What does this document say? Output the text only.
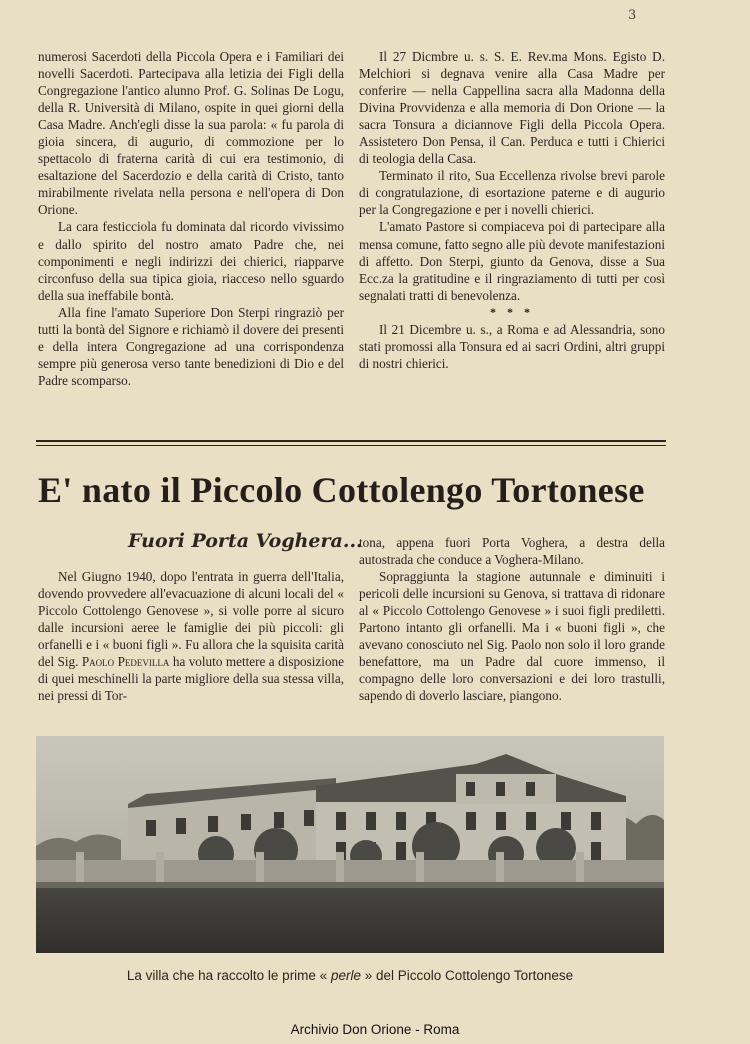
3

numerosi Sacerdoti della Piccola Opera e i Familiari dei novelli Sacerdoti. Partecipava alla letizia dei Figli della Congregazione l'antico alunno Prof. G. Solinas De Logu, della R. Università di Milano, ospite in quei giorni della Casa Madre. Anch'egli disse la sua parola: « fu parola di gioia sincera, di augurio, di commozione per lo spettacolo di fraterna carità di cui era testimonio, di esaltazione del Sacerdozio e della carità di Cristo, tanto mirabilmente rivelata nella persona e nell'opera di Don Orione.

La cara festicciola fu dominata dal ricordo vivissimo e dallo spirito del nostro amato Padre che, nei componimenti e negli indirizzi dei chierici, riapparve circonfuso della sua tipica gioia, riacceso nello sguardo della sua ineffabile bontà.

Alla fine l'amato Superiore Don Sterpi ringraziò per tutti la bontà del Signore e richiamò il dovere dei presenti e della intera Congregazione ad una corrispondenza sempre più generosa verso tante benedizioni di Dio e del Padre scomparso.

Il 27 Dicmbre u. s. S. E. Rev.ma Mons. Egisto D. Melchiori si degnava venire alla Casa Madre per conferire — nella Cappellina sacra alla Madonna della Divina Provvidenza e alla memoria di Don Orione — la sacra Tonsura a diciannove Figli della Piccola Opera. Assistetero Don Pensa, il Can. Perduca e tutti i Chierici di teologia della Casa.

Terminato il rito, Sua Eccellenza rivolse brevi parole di congratulazione, di esortazione paterne e di augurio per la Congregazione e per i novelli chierici.

L'amato Pastore si compiaceva poi di partecipare alla mensa comune, fatto segno alle più devote manifestazioni di affetto. Don Sterpi, giunto da Genova, disse a Sua Ecc.za la gratitudine e il ringraziamento di tutti per così segnalati tratti di benevolenza.

* * *

Il 21 Dicembre u. s., a Roma e ad Alessandria, sono stati promossi alla Tonsura ed ai sacri Ordini, altri gruppi di nostri chierici.

E' nato il Piccolo Cottolengo Tortonese
Fuori Porta Voghera...

Nel Giugno 1940, dopo l'entrata in guerra dell'Italia, dovendo provvedere all'evacuazione di alcuni locali del « Piccolo Cottolengo Genovese », si volle porre al sicuro dalle incursioni aeree le famiglie dei più piccoli: gli orfanelli e i « buoni figli ». Fu allora che la squisita carità del Sig. Paolo Pedevilla ha voluto mettere a disposizione di quei meschinelli la parte migliore della sua stessa villa, nei pressi di Tor-

tona, appena fuori Porta Voghera, a destra della autostrada che conduce a Voghera-Milano.

Sopraggiunta la stagione autunnale e diminuiti i pericoli delle incursioni su Genova, si trattava di ridonare al « Piccolo Cottolengo Genovese » i suoi figli prediletti. Partono intanto gli orfanelli. Ma i « buoni figli », che avevano conosciuto nel Sig. Paolo non solo il loro grande benefattore, ma un Padre dal cuore immenso, il compagno delle loro conversazioni e dei loro trastulli, sapendo di doverlo lasciare, piangono.

La villa che ha raccolto le prime « perle » del Piccolo Cottolengo Tortonese
Archivio Don Orione - Roma
